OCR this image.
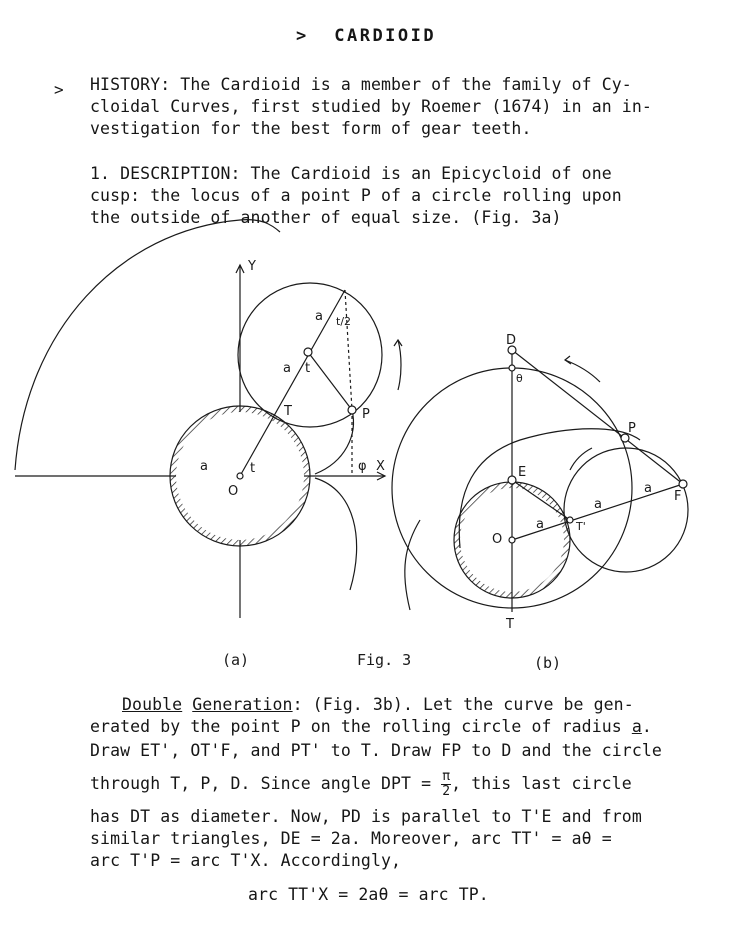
> CARDIOID
> HISTORY: The Cardioid is a member of the family of Cy-
cloidal Curves, first studied by Roemer (1674) in an in-
vestigation for the best form of gear teeth.
1. DESCRIPTION: The Cardioid is an Epicycloid of one
cusp: the locus of a point P of a circle rolling upon
the outside of another of equal size. (Fig. 3a)
Y
X
O
T	P
a
a
a
t
t	φ
t/2
D
θ
P
E
O
T
T'
F
a
a
a
(a)	Fig. 3	(b)
Double Generation: (Fig. 3b). Let the curve be gen-
erated by the point P on the rolling circle of radius a.
Draw ET', OT'F, and PT' to T. Draw FP to D and the circle
through T, P, D. Since angle DPT = $\frac{\pi}{2}$ , this last circle
has DT as diameter. Now, PD is parallel to T'E and from
similar triangles, DE = 2a. Moreover, arc TT' = aθ =
arc T'P = arc T'X. Accordingly,
arc TT'X = 2aθ = arc TP.
